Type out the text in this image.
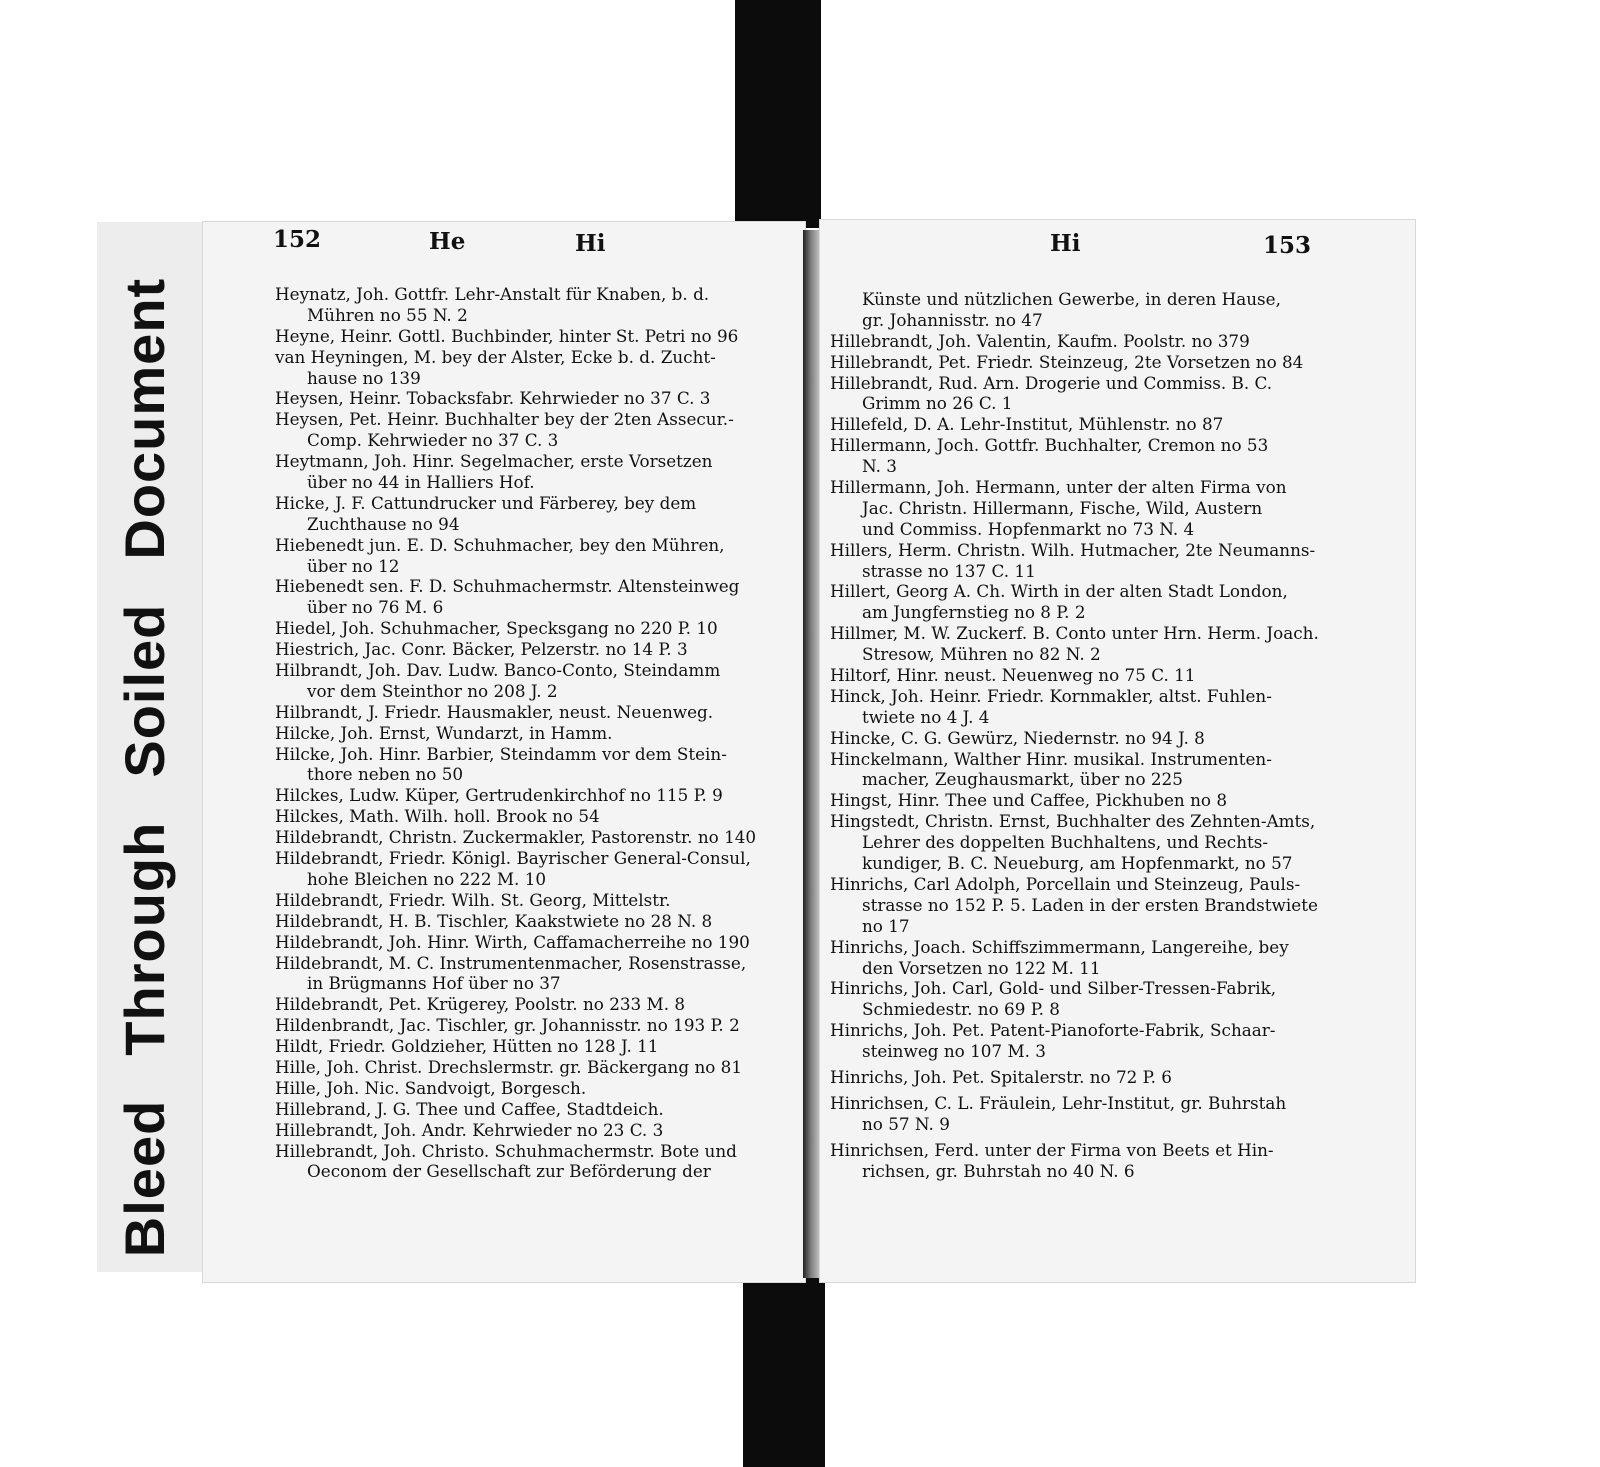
BleedThroughSoiledDocument
152	He	Hi
Heynatz, Joh. Gottfr. Lehr-Anstalt für Knaben, b. d.
Mühren no 55 N. 2
Heyne, Heinr. Gottl. Buchbinder, hinter St. Petri no 96
van Heyningen, M. bey der Alster, Ecke b. d. Zucht-
hause no 139
Heysen, Heinr. Tobacksfabr. Kehrwieder no 37 C. 3
Heysen, Pet. Heinr. Buchhalter bey der 2ten Assecur.-
Comp. Kehrwieder no 37 C. 3
Heytmann, Joh. Hinr. Segelmacher, erste Vorsetzen
über no 44 in Halliers Hof.
Hicke, J. F. Cattundrucker und Färberey, bey dem
Zuchthause no 94
Hiebenedt jun. E. D. Schuhmacher, bey den Mühren,
über no 12
Hiebenedt sen. F. D. Schuhmachermstr. Altensteinweg
über no 76 M. 6
Hiedel, Joh. Schuhmacher, Specksgang no 220 P. 10
Hiestrich, Jac. Conr. Bäcker, Pelzerstr. no 14 P. 3
Hilbrandt, Joh. Dav. Ludw. Banco-Conto, Steindamm
vor dem Steinthor no 208 J. 2
Hilbrandt, J. Friedr. Hausmakler, neust. Neuenweg.
Hilcke, Joh. Ernst, Wundarzt, in Hamm.
Hilcke, Joh. Hinr. Barbier, Steindamm vor dem Stein-
thore neben no 50
Hilckes, Ludw. Küper, Gertrudenkirchhof no 115 P. 9
Hilckes, Math. Wilh. holl. Brook no 54
Hildebrandt, Christn. Zuckermakler, Pastorenstr. no 140
Hildebrandt, Friedr. Königl. Bayrischer General-Consul,
hohe Bleichen no 222 M. 10
Hildebrandt, Friedr. Wilh. St. Georg, Mittelstr.
Hildebrandt, H. B. Tischler, Kaakstwiete no 28 N. 8
Hildebrandt, Joh. Hinr. Wirth, Caffamacherreihe no 190
Hildebrandt, M. C. Instrumentenmacher, Rosenstrasse,
in Brügmanns Hof über no 37
Hildebrandt, Pet. Krügerey, Poolstr. no 233 M. 8
Hildenbrandt, Jac. Tischler, gr. Johannisstr. no 193 P. 2
Hildt, Friedr. Goldzieher, Hütten no 128 J. 11
Hille, Joh. Christ. Drechslermstr. gr. Bäckergang no 81
Hille, Joh. Nic. Sandvoigt, Borgesch.
Hillebrand, J. G. Thee und Caffee, Stadtdeich.
Hillebrandt, Joh. Andr. Kehrwieder no 23 C. 3
Hillebrandt, Joh. Christo. Schuhmachermstr. Bote und
Oeconom der Gesellschaft zur Beförderung der
Hi	153
Künste und nützlichen Gewerbe, in deren Hause,
gr. Johannisstr. no 47
Hillebrandt, Joh. Valentin, Kaufm. Poolstr. no 379
Hillebrandt, Pet. Friedr. Steinzeug, 2te Vorsetzen no 84
Hillebrandt, Rud. Arn. Drogerie und Commiss. B. C.
Grimm no 26 C. 1
Hillefeld, D. A. Lehr-Institut, Mühlenstr. no 87
Hillermann, Joch. Gottfr. Buchhalter, Cremon no 53
N. 3
Hillermann, Joh. Hermann, unter der alten Firma von
Jac. Christn. Hillermann, Fische, Wild, Austern
und Commiss. Hopfenmarkt no 73 N. 4
Hillers, Herm. Christn. Wilh. Hutmacher, 2te Neumanns-
strasse no 137 C. 11
Hillert, Georg A. Ch. Wirth in der alten Stadt London,
am Jungfernstieg no 8 P. 2
Hillmer, M. W. Zuckerf. B. Conto unter Hrn. Herm. Joach.
Stresow, Mühren no 82 N. 2
Hiltorf, Hinr. neust. Neuenweg no 75 C. 11
Hinck, Joh. Heinr. Friedr. Kornmakler, altst. Fuhlen-
twiete no 4 J. 4
Hincke, C. G. Gewürz, Niedernstr. no 94 J. 8
Hinckelmann, Walther Hinr. musikal. Instrumenten-
macher, Zeughausmarkt, über no 225
Hingst, Hinr. Thee und Caffee, Pickhuben no 8
Hingstedt, Christn. Ernst, Buchhalter des Zehnten-Amts,
Lehrer des doppelten Buchhaltens, und Rechts-
kundiger, B. C. Neueburg, am Hopfenmarkt, no 57
Hinrichs, Carl Adolph, Porcellain und Steinzeug, Pauls-
strasse no 152 P. 5. Laden in der ersten Brandstwiete
no 17
Hinrichs, Joach. Schiffszimmermann, Langereihe, bey
den Vorsetzen no 122 M. 11
Hinrichs, Joh. Carl, Gold- und Silber-Tressen-Fabrik,
Schmiedestr. no 69 P. 8
Hinrichs, Joh. Pet. Patent-Pianoforte-Fabrik, Schaar-
steinweg no 107 M. 3
Hinrichs, Joh. Pet. Spitalerstr. no 72 P. 6
Hinrichsen, C. L. Fräulein, Lehr-Institut, gr. Buhrstah
no 57 N. 9
Hinrichsen, Ferd. unter der Firma von Beets et Hin-
richsen, gr. Buhrstah no 40 N. 6
